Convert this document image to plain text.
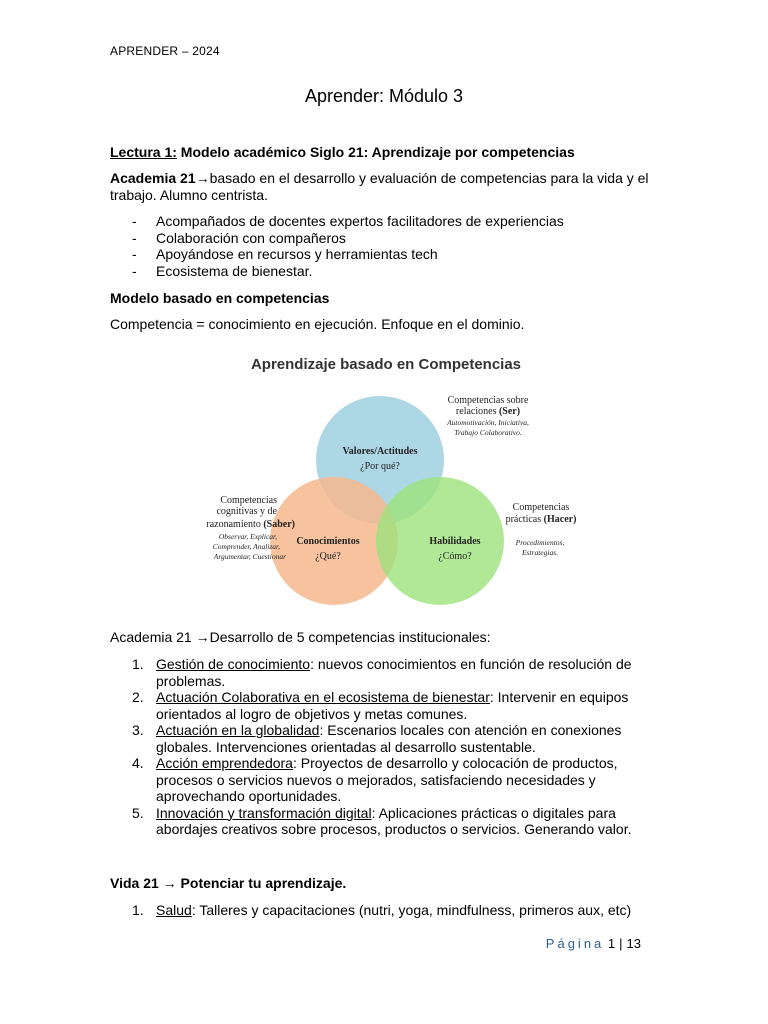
APRENDER – 2024
Aprender: Módulo 3
Lectura 1: Modelo académico Siglo 21: Aprendizaje por competencias
Academia 21→basado en el desarrollo y evaluación de competencias para la vida y el trabajo. Alumno centrista.
- Acompañados de docentes expertos facilitadores de experiencias
- Colaboración con compañeros
- Apoyándose en recursos y herramientas tech
- Ecosistema de bienestar.
Modelo basado en competencias
Competencia = conocimiento en ejecución. Enfoque en el dominio.
Aprendizaje basado en Competencias
Valores/Actitudes
¿Por qué?
Conocimientos
¿Qué?
Habilidades
¿Cómo?
Competencias sobre
relaciones (Ser)
Automotivación, Iniciativa,
Trabajo Colaborativo.
Competencias
cognitivas y de
razonamiento (Saber)
Observar, Explicar,
Comprender, Analizar,
Argumentar, Cuestionar
Competencias
prácticas (Hacer)
Procedimientos,
Estrategias.
Academia 21 →Desarrollo de 5 competencias institucionales:
1. Gestión de conocimiento: nuevos conocimientos en función de resolución de problemas.
2. Actuación Colaborativa en el ecosistema de bienestar: Intervenir en equipos orientados al logro de objetivos y metas comunes.
3. Actuación en la globalidad: Escenarios locales con atención en conexiones globales. Intervenciones orientadas al desarrollo sustentable.
4. Acción emprendedora: Proyectos de desarrollo y colocación de productos, procesos o servicios nuevos o mejorados, satisfaciendo necesidades y aprovechando oportunidades.
5. Innovación y transformación digital: Aplicaciones prácticas o digitales para abordajes creativos sobre procesos, productos o servicios. Generando valor.
Vida 21 → Potenciar tu aprendizaje.
1. Salud: Talleres y capacitaciones (nutri, yoga, mindfulness, primeros aux, etc)
Página 1 | 13
